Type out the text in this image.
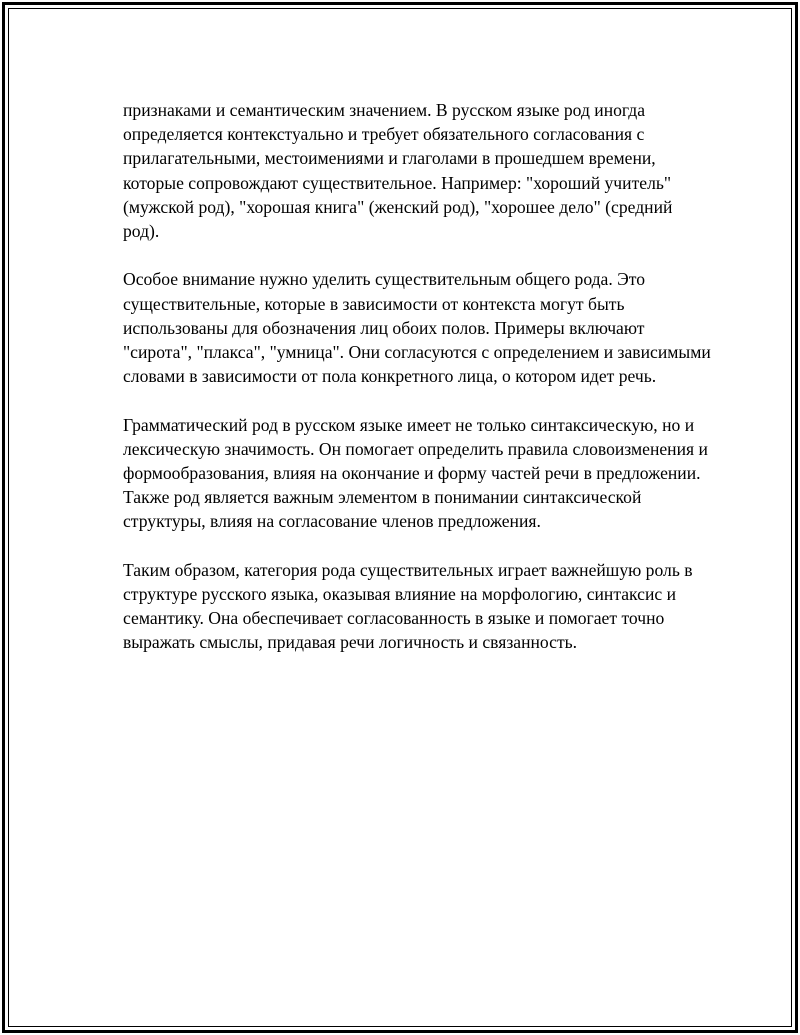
признаками и семантическим значением. В русском языке род иногда определяется контекстуально и требует обязательного согласования с прилагательными, местоимениями и глаголами в прошедшем времени, которые сопровождают существительное. Например: "хороший учитель" (мужской род), "хорошая книга" (женский род), "хорошее дело" (средний род).

Особое внимание нужно уделить существительным общего рода. Это существительные, которые в зависимости от контекста могут быть использованы для обозначения лиц обоих полов. Примеры включают "сирота", "плакса", "умница". Они согласуются с определением и зависимыми словами в зависимости от пола конкретного лица, о котором идет речь.

Грамматический род в русском языке имеет не только синтаксическую, но и лексическую значимость. Он помогает определить правила словоизменения и формообразования, влияя на окончание и форму частей речи в предложении. Также род является важным элементом в понимании синтаксической структуры, влияя на согласование членов предложения.

Таким образом, категория рода существительных играет важнейшую роль в структуре русского языка, оказывая влияние на морфологию, синтаксис и семантику. Она обеспечивает согласованность в языке и помогает точно выражать смыслы, придавая речи логичность и связанность.
